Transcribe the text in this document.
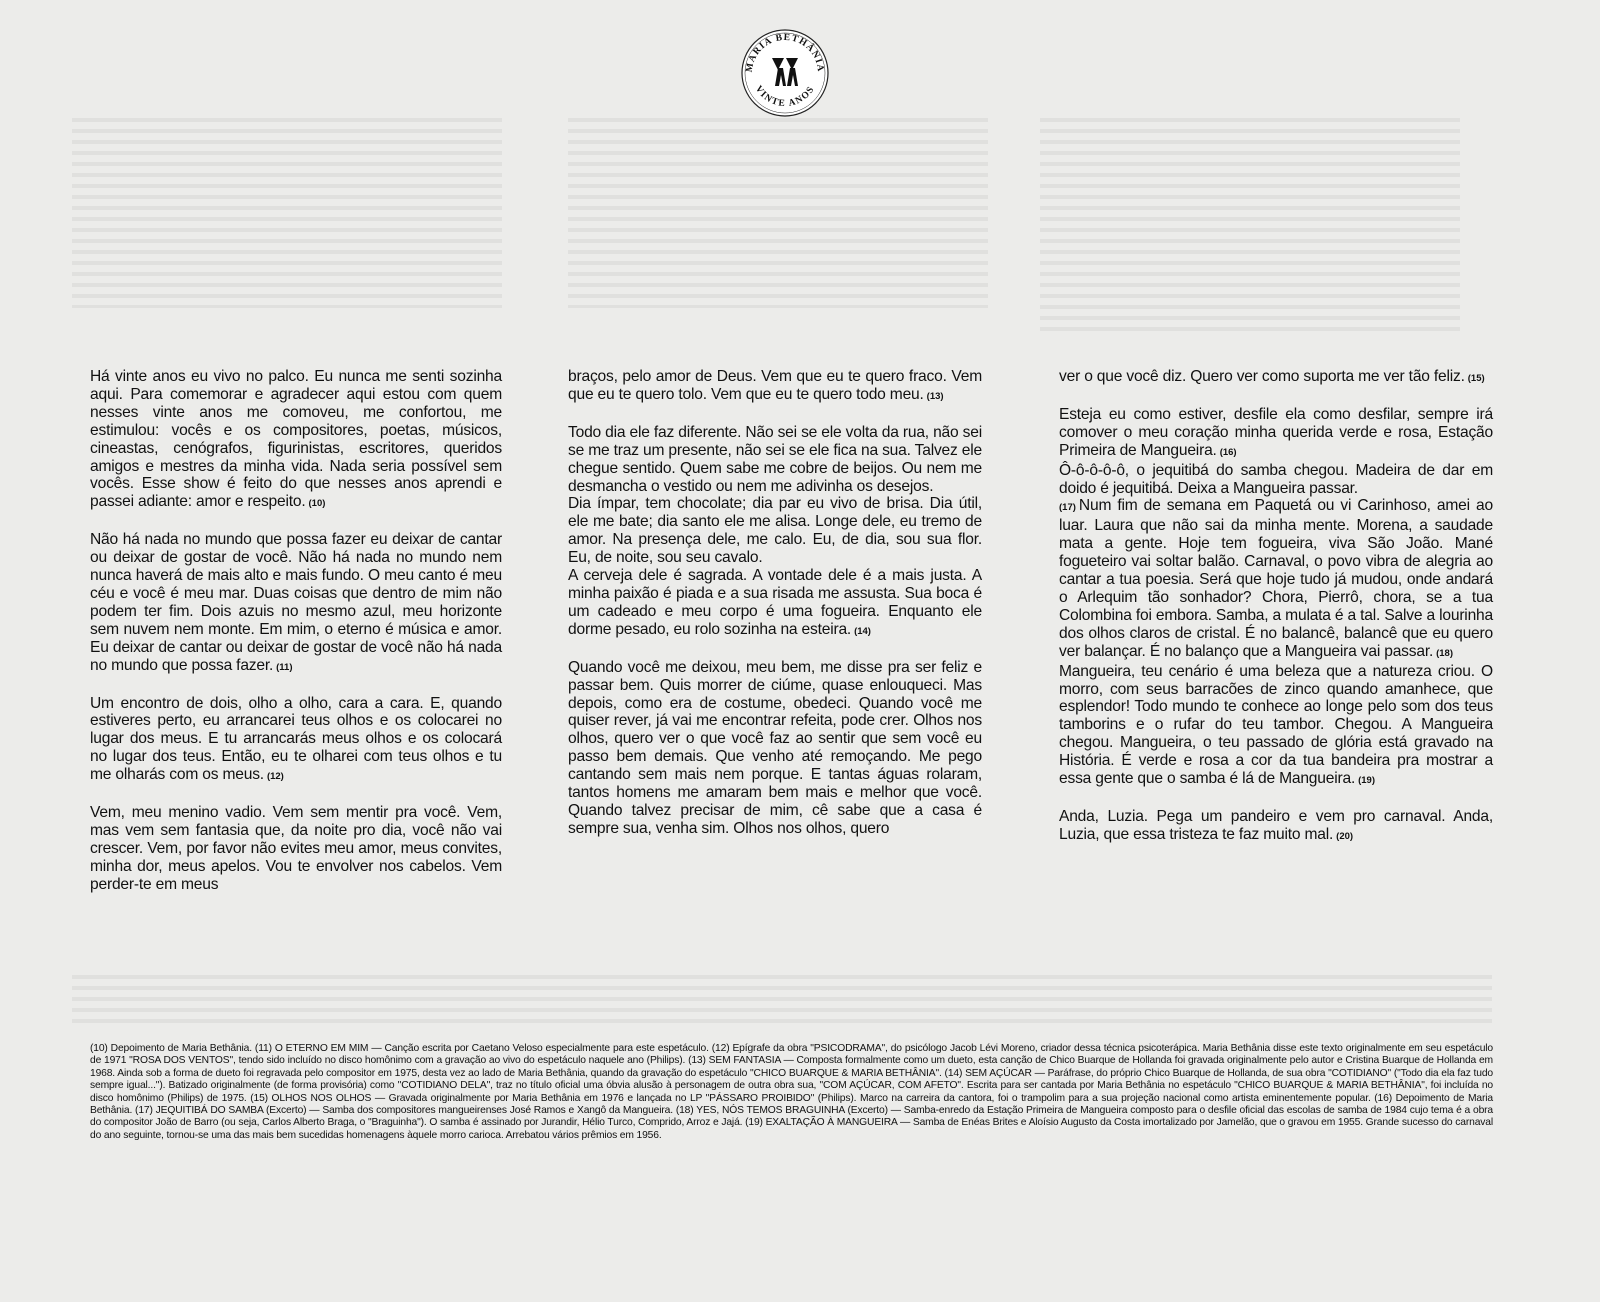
MARIA BETHÂNIA
VINTE ANOS

Há vinte anos eu vivo no palco. Eu nunca me senti sozinha aqui. Para comemorar e agradecer aqui estou com quem nesses vinte anos me comoveu, me confortou, me estimulou: vocês e os compositores, poetas, músicos, cineastas, cenógrafos, figurinistas, escritores, queridos amigos e mestres da minha vida. Nada seria possível sem vocês. Esse show é feito do que nesses anos aprendi e passei adiante: amor e respeito. (10)

Não há nada no mundo que possa fazer eu deixar de cantar ou deixar de gostar de você. Não há nada no mundo nem nunca haverá de mais alto e mais fundo. O meu canto é meu céu e você é meu mar. Duas coisas que dentro de mim não podem ter fim. Dois azuis no mesmo azul, meu horizonte sem nuvem nem monte. Em mim, o eterno é música e amor. Eu deixar de cantar ou deixar de gostar de você não há nada no mundo que possa fazer. (11)

Um encontro de dois, olho a olho, cara a cara. E, quando estiveres perto, eu arrancarei teus olhos e os colocarei no lugar dos meus. E tu arrancarás meus olhos e os colocará no lugar dos teus. Então, eu te olharei com teus olhos e tu me olharás com os meus. (12)

Vem, meu menino vadio. Vem sem mentir pra você. Vem, mas vem sem fantasia que, da noite pro dia, você não vai crescer. Vem, por favor não evites meu amor, meus convites, minha dor, meus apelos. Vou te envolver nos cabelos. Vem perder-te em meus

braços, pelo amor de Deus. Vem que eu te quero fraco. Vem que eu te quero tolo. Vem que eu te quero todo meu. (13)

Todo dia ele faz diferente. Não sei se ele volta da rua, não sei se me traz um presente, não sei se ele fica na sua. Talvez ele chegue sentido. Quem sabe me cobre de beijos. Ou nem me desmancha o vestido ou nem me adivinha os desejos.

Dia ímpar, tem chocolate; dia par eu vivo de brisa. Dia útil, ele me bate; dia santo ele me alisa. Longe dele, eu tremo de amor. Na presença dele, me calo. Eu, de dia, sou sua flor. Eu, de noite, sou seu cavalo.

A cerveja dele é sagrada. A vontade dele é a mais justa. A minha paixão é piada e a sua risada me assusta. Sua boca é um cadeado e meu corpo é uma fogueira. Enquanto ele dorme pesado, eu rolo sozinha na esteira. (14)

Quando você me deixou, meu bem, me disse pra ser feliz e passar bem. Quis morrer de ciúme, quase enlouqueci. Mas depois, como era de costume, obedeci. Quando você me quiser rever, já vai me encontrar refeita, pode crer. Olhos nos olhos, quero ver o que você faz ao sentir que sem você eu passo bem demais. Que venho até remoçando. Me pego cantando sem mais nem porque. E tantas águas rolaram, tantos homens me amaram bem mais e melhor que você. Quando talvez precisar de mim, cê sabe que a casa é sempre sua, venha sim. Olhos nos olhos, quero

ver o que você diz. Quero ver como suporta me ver tão feliz. (15)

Esteja eu como estiver, desfile ela como desfilar, sempre irá comover o meu coração minha querida verde e rosa, Estação Primeira de Mangueira. (16)

Ô-ô-ô-ô-ô, o jequitibá do samba chegou. Madeira de dar em doido é jequitibá. Deixa a Mangueira passar.

(17) Num fim de semana em Paquetá ou vi Carinhoso, amei ao luar. Laura que não sai da minha mente. Morena, a saudade mata a gente. Hoje tem fogueira, viva São João. Mané fogueteiro vai soltar balão. Carnaval, o povo vibra de alegria ao cantar a tua poesia. Será que hoje tudo já mudou, onde andará o Arlequim tão sonhador? Chora, Pierrô, chora, se a tua Colombina foi embora. Samba, a mulata é a tal. Salve a lourinha dos olhos claros de cristal. É no balancê, balancê que eu quero ver balançar. É no balanço que a Mangueira vai passar. (18)

Mangueira, teu cenário é uma beleza que a natureza criou. O morro, com seus barracões de zinco quando amanhece, que esplendor! Todo mundo te conhece ao longe pelo som dos teus tamborins e o rufar do teu tambor. Chegou. A Mangueira chegou. Mangueira, o teu passado de glória está gravado na História. É verde e rosa a cor da tua bandeira pra mostrar a essa gente que o samba é lá de Mangueira. (19)

Anda, Luzia. Pega um pandeiro e vem pro carnaval. Anda, Luzia, que essa tristeza te faz muito mal. (20)

(10) Depoimento de Maria Bethânia. (11) O ETERNO EM MIM — Canção escrita por Caetano Veloso especialmente para este espetáculo. (12) Epígrafe da obra "PSICODRAMA", do psicólogo Jacob Lévi Moreno, criador dessa técnica psicoterápica. Maria Bethânia disse este texto originalmente em seu espetáculo de 1971 "ROSA DOS VENTOS", tendo sido incluído no disco homônimo com a gravação ao vivo do espetáculo naquele ano (Philips). (13) SEM FANTASIA — Composta formalmente como um dueto, esta canção de Chico Buarque de Hollanda foi gravada originalmente pelo autor e Cristina Buarque de Hollanda em 1968. Ainda sob a forma de dueto foi regravada pelo compositor em 1975, desta vez ao lado de Maria Bethânia, quando da gravação do espetáculo "CHICO BUARQUE & MARIA BETHÂNIA". (14) SEM AÇÚCAR — Paráfrase, do próprio Chico Buarque de Hollanda, de sua obra "COTIDIANO" ("Todo dia ela faz tudo sempre igual..."). Batizado originalmente (de forma provisória) como "COTIDIANO DELA", traz no título oficial uma óbvia alusão à personagem de outra obra sua, "COM AÇÚCAR, COM AFETO". Escrita para ser cantada por Maria Bethânia no espetáculo "CHICO BUARQUE & MARIA BETHÂNIA", foi incluída no disco homônimo (Philips) de 1975. (15) OLHOS NOS OLHOS — Gravada originalmente por Maria Bethânia em 1976 e lançada no LP "PÁSSARO PROIBIDO" (Philips). Marco na carreira da cantora, foi o trampolim para a sua projeção nacional como artista eminentemente popular. (16) Depoimento de Maria Bethânia. (17) JEQUITIBÁ DO SAMBA (Excerto) — Samba dos compositores mangueirenses José Ramos e Xangô da Mangueira. (18) YES, NÓS TEMOS BRAGUINHA (Excerto) — Samba-enredo da Estação Primeira de Mangueira composto para o desfile oficial das escolas de samba de 1984 cujo tema é a obra do compositor João de Barro (ou seja, Carlos Alberto Braga, o "Braguinha"). O samba é assinado por Jurandir, Hélio Turco, Comprido, Arroz e Jajá. (19) EXALTAÇÃO À MANGUEIRA — Samba de Enéas Brites e Aloísio Augusto da Costa imortalizado por Jamelão, que o gravou em 1955. Grande sucesso do carnaval do ano seguinte, tornou-se uma das mais bem sucedidas homenagens àquele morro carioca. Arrebatou vários prêmios em 1956.
